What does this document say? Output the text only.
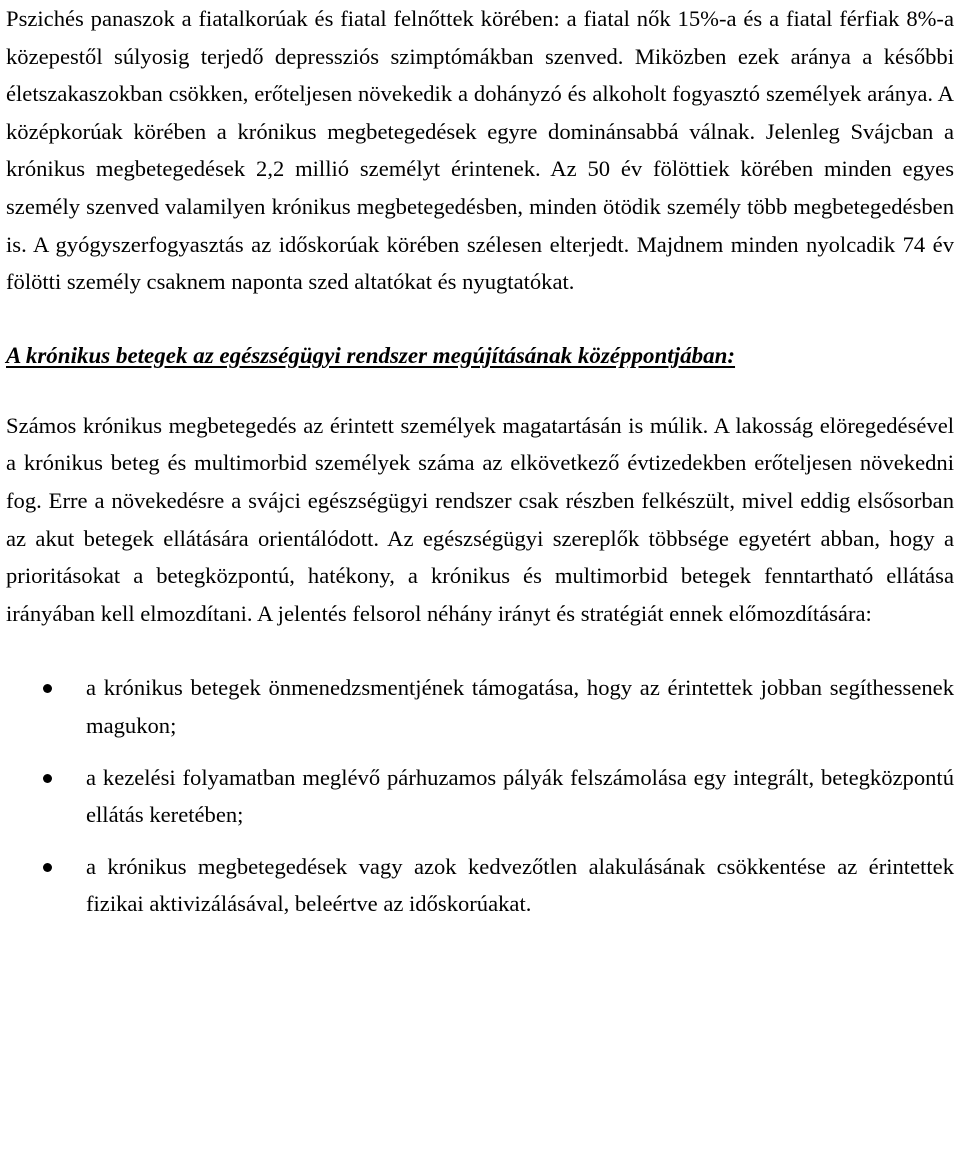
Pszichés panaszok a fiatalkorúak és fiatal felnőttek körében: a fiatal nők 15%-a és a fiatal férfiak 8%-a közepestől súlyosig terjedő depressziós szimptómákban szenved. Miközben ezek aránya a későbbi életszakaszokban csökken, erőteljesen növekedik a dohányzó és alkoholt fogyasztó személyek aránya. A középkorúak körében a krónikus megbetegedések egyre dominánsabbá válnak. Jelenleg Svájcban a krónikus megbetegedések 2,2 millió személyt érintenek. Az 50 év fölöttiek körében minden egyes személy szenved valamilyen krónikus megbetegedésben, minden ötödik személy több megbetegedésben is. A gyógyszerfogyasztás az időskorúak körében szélesen elterjedt. Majdnem minden nyolcadik 74 év fölötti személy csaknem naponta szed altatókat és nyugtatókat.

A krónikus betegek az egészségügyi rendszer megújításának középpontjában:

Számos krónikus megbetegedés az érintett személyek magatartásán is múlik. A lakosság elöregedésével a krónikus beteg és multimorbid személyek száma az elkövetkező évtizedekben erőteljesen növekedni fog. Erre a növekedésre a svájci egészségügyi rendszer csak részben felkészült, mivel eddig elsősorban az akut betegek ellátására orientálódott. Az egészségügyi szereplők többsége egyetért abban, hogy a prioritásokat a betegközpontú, hatékony, a krónikus és multimorbid betegek fenntartható ellátása irányában kell elmozdítani. A jelentés felsorol néhány irányt és stratégiát ennek előmozdítására:

a krónikus betegek önmenedzsmentjének támogatása, hogy az érintettek jobban segíthessenek magukon;
a kezelési folyamatban meglévő párhuzamos pályák felszámolása egy integrált, betegközpontú ellátás keretében;
a krónikus megbetegedések vagy azok kedvezőtlen alakulásának csökkentése az érintettek fizikai aktivizálásával, beleértve az időskorúakat.
